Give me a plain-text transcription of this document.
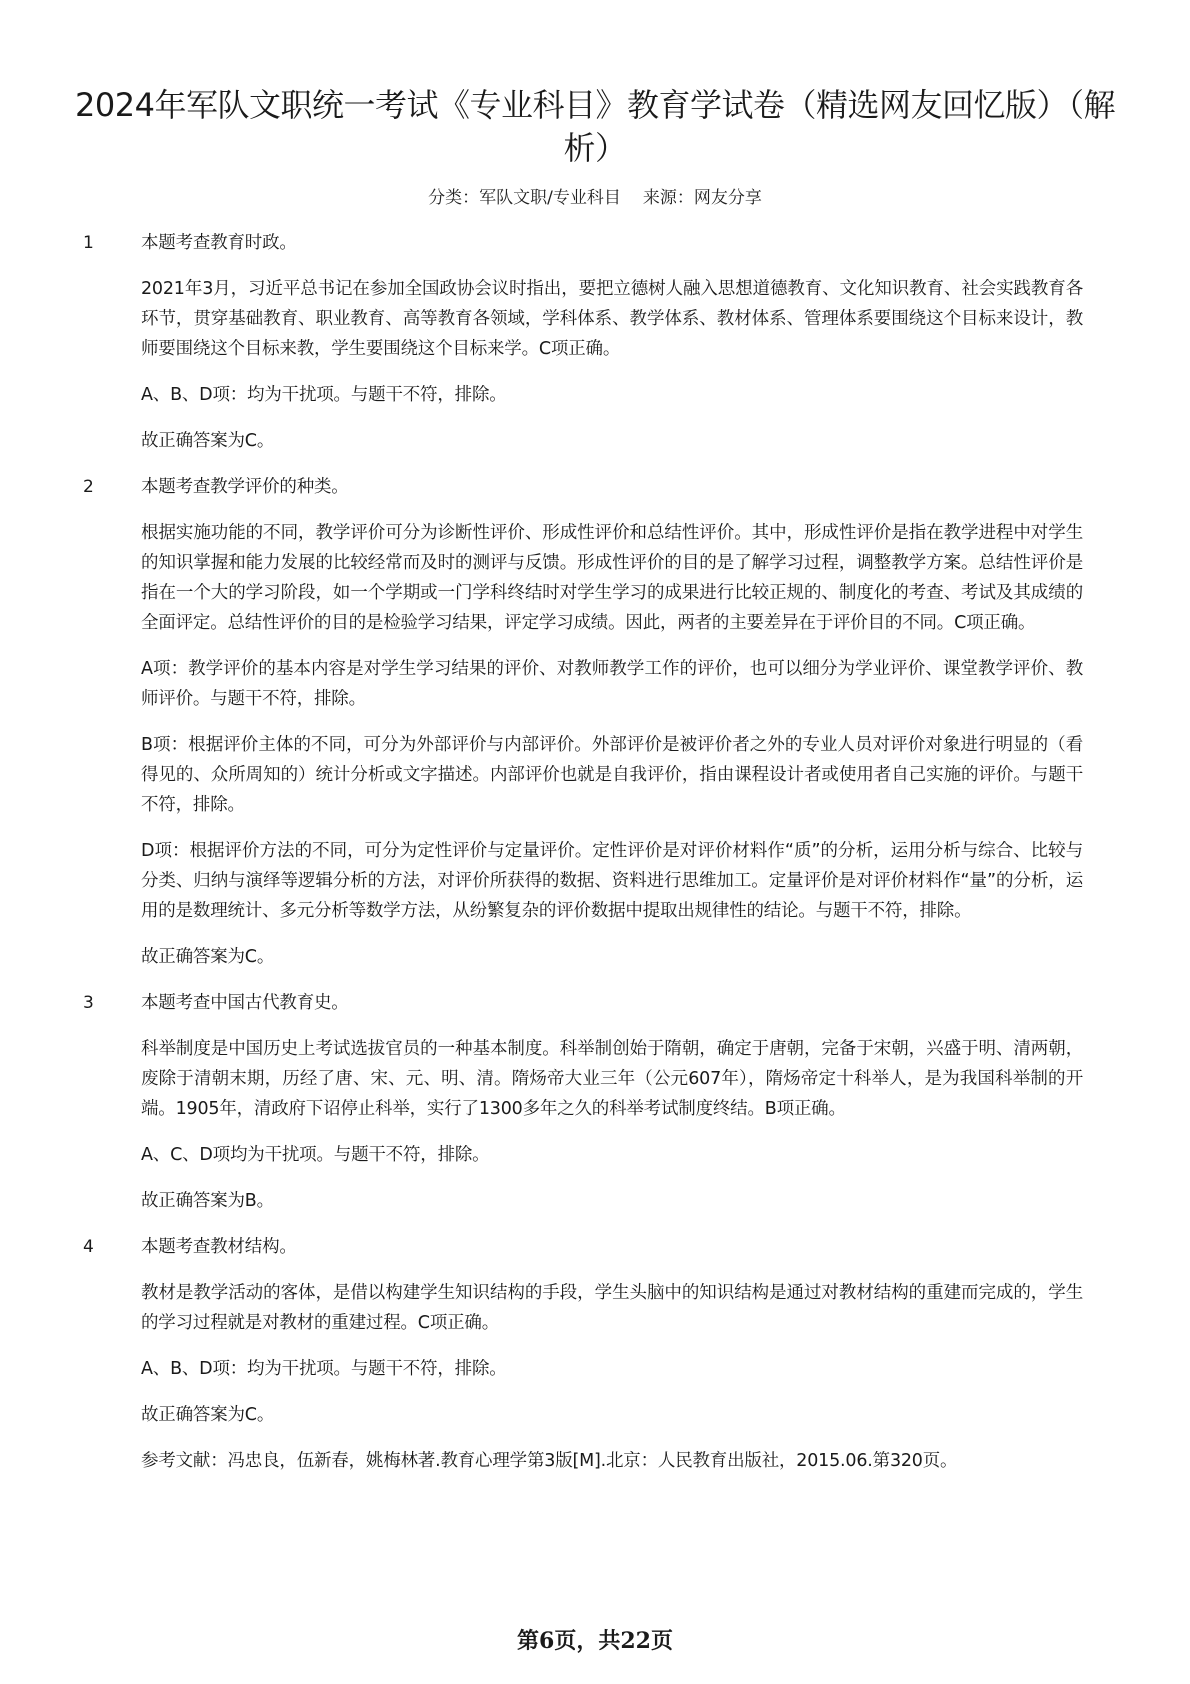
2024年军队文职统一考试《专业科目》教育学试卷（精选网友回忆版）（解析）
分类：军队文职/专业科目 来源：网友分享
1	本题考查教育时政。

2021年3月，习近平总书记在参加全国政协会议时指出，要把立德树人融入思想道德教育、文化知识教育、社会实践教育各环节，贯穿基础教育、职业教育、高等教育各领域，学科体系、教学体系、教材体系、管理体系要围绕这个目标来设计，教师要围绕这个目标来教，学生要围绕这个目标来学。C项正确。

A、B、D项：均为干扰项。与题干不符，排除。

故正确答案为C。

2	本题考查教学评价的种类。

根据实施功能的不同，教学评价可分为诊断性评价、形成性评价和总结性评价。其中，形成性评价是指在教学进程中对学生的知识掌握和能力发展的比较经常而及时的测评与反馈。形成性评价的目的是了解学习过程，调整教学方案。总结性评价是指在一个大的学习阶段，如一个学期或一门学科终结时对学生学习的成果进行比较正规的、制度化的考查、考试及其成绩的全面评定。总结性评价的目的是检验学习结果，评定学习成绩。因此，两者的主要差异在于评价目的不同。C项正确。

A项：教学评价的基本内容是对学生学习结果的评价、对教师教学工作的评价，也可以细分为学业评价、课堂教学评价、教师评价。与题干不符，排除。

B项：根据评价主体的不同，可分为外部评价与内部评价。外部评价是被评价者之外的专业人员对评价对象进行明显的（看得见的、众所周知的）统计分析或文字描述。内部评价也就是自我评价，指由课程设计者或使用者自己实施的评价。与题干不符，排除。

D项：根据评价方法的不同，可分为定性评价与定量评价。定性评价是对评价材料作“质”的分析，运用分析与综合、比较与分类、归纳与演绎等逻辑分析的方法，对评价所获得的数据、资料进行思维加工。定量评价是对评价材料作“量”的分析，运用的是数理统计、多元分析等数学方法，从纷繁复杂的评价数据中提取出规律性的结论。与题干不符，排除。

故正确答案为C。

3	本题考查中国古代教育史。

科举制度是中国历史上考试选拔官员的一种基本制度。科举制创始于隋朝，确定于唐朝，完备于宋朝，兴盛于明、清两朝，废除于清朝末期，历经了唐、宋、元、明、清。隋炀帝大业三年（公元607年），隋炀帝定十科举人，是为我国科举制的开端。1905年，清政府下诏停止科举，实行了1300多年之久的科举考试制度终结。B项正确。

A、C、D项均为干扰项。与题干不符，排除。

故正确答案为B。

4	本题考查教材结构。

教材是教学活动的客体，是借以构建学生知识结构的手段，学生头脑中的知识结构是通过对教材结构的重建而完成的，学生的学习过程就是对教材的重建过程。C项正确。

A、B、D项：均为干扰项。与题干不符，排除。

故正确答案为C。

参考文献：冯忠良，伍新春，姚梅林著.教育心理学第3版[M].北京：人民教育出版社，2015.06.第320页。

第6页，共22页
